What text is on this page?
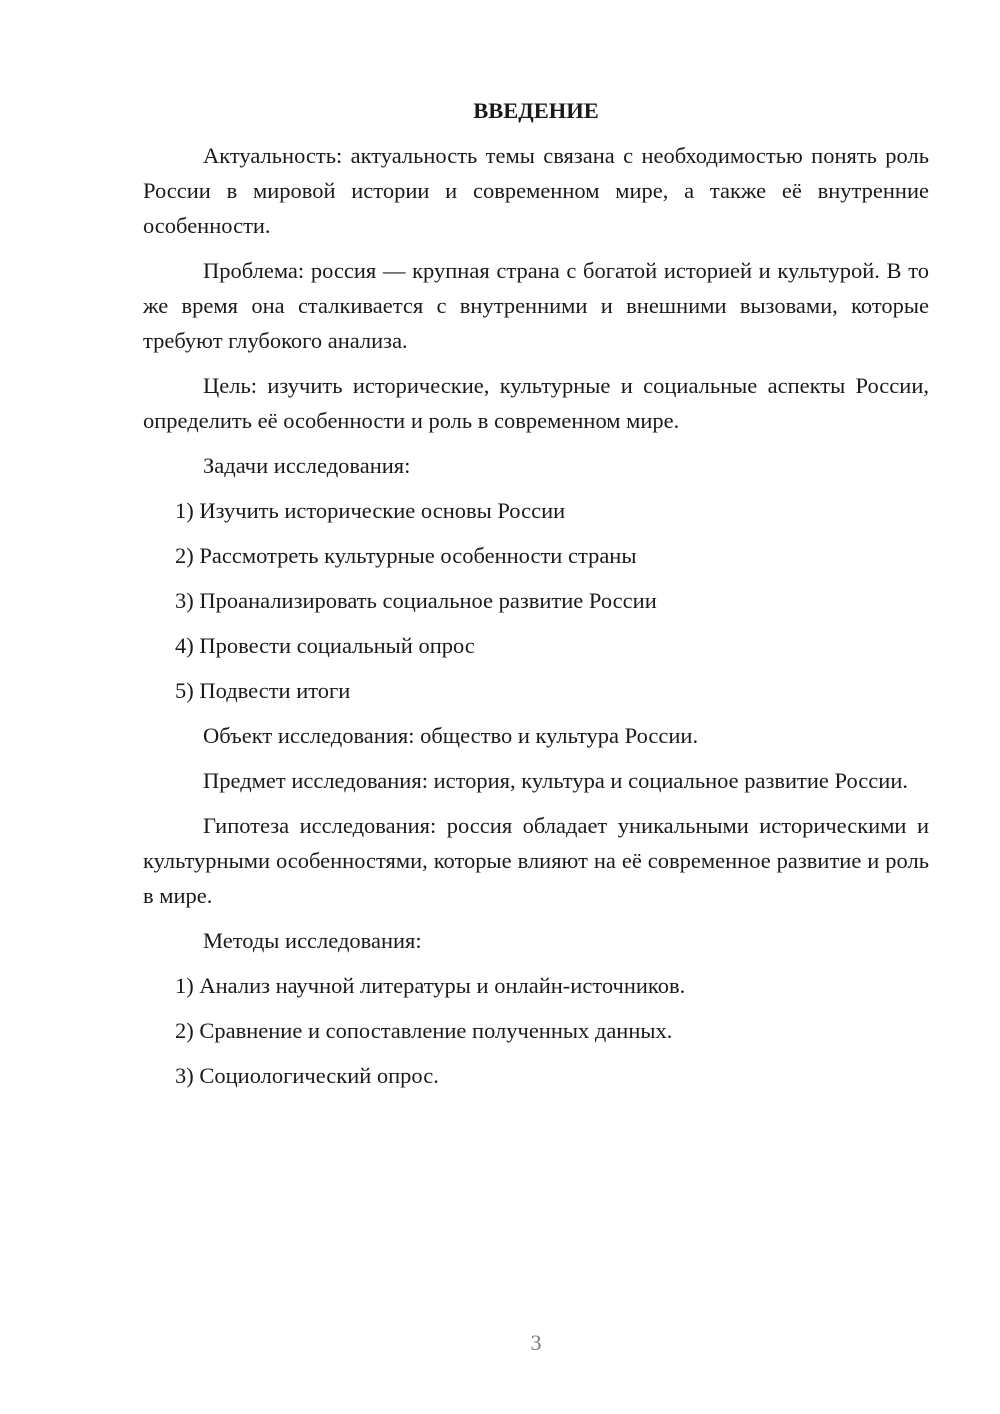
ВВЕДЕНИЕ
Актуальность: актуальность темы связана с необходимостью понять роль России в мировой истории и современном мире, а также её внутренние особенности.
Проблема: россия — крупная страна с богатой историей и культурой. В то же время она сталкивается с внутренними и внешними вызовами, которые требуют глубокого анализа.
Цель: изучить исторические, культурные и социальные аспекты России, определить её особенности и роль в современном мире.
Задачи исследования:
1) Изучить исторические основы России
2) Рассмотреть культурные особенности страны
3) Проанализировать социальное развитие России
4) Провести социальный опрос
5) Подвести итоги
Объект исследования: общество и культура России.
Предмет исследования: история, культура и социальное развитие России.
Гипотеза исследования: россия обладает уникальными историческими и культурными особенностями, которые влияют на её современное развитие и роль в мире.
Методы исследования:
1) Анализ научной литературы и онлайн-источников.
2) Сравнение и сопоставление полученных данных.
3) Социологический опрос.
3
